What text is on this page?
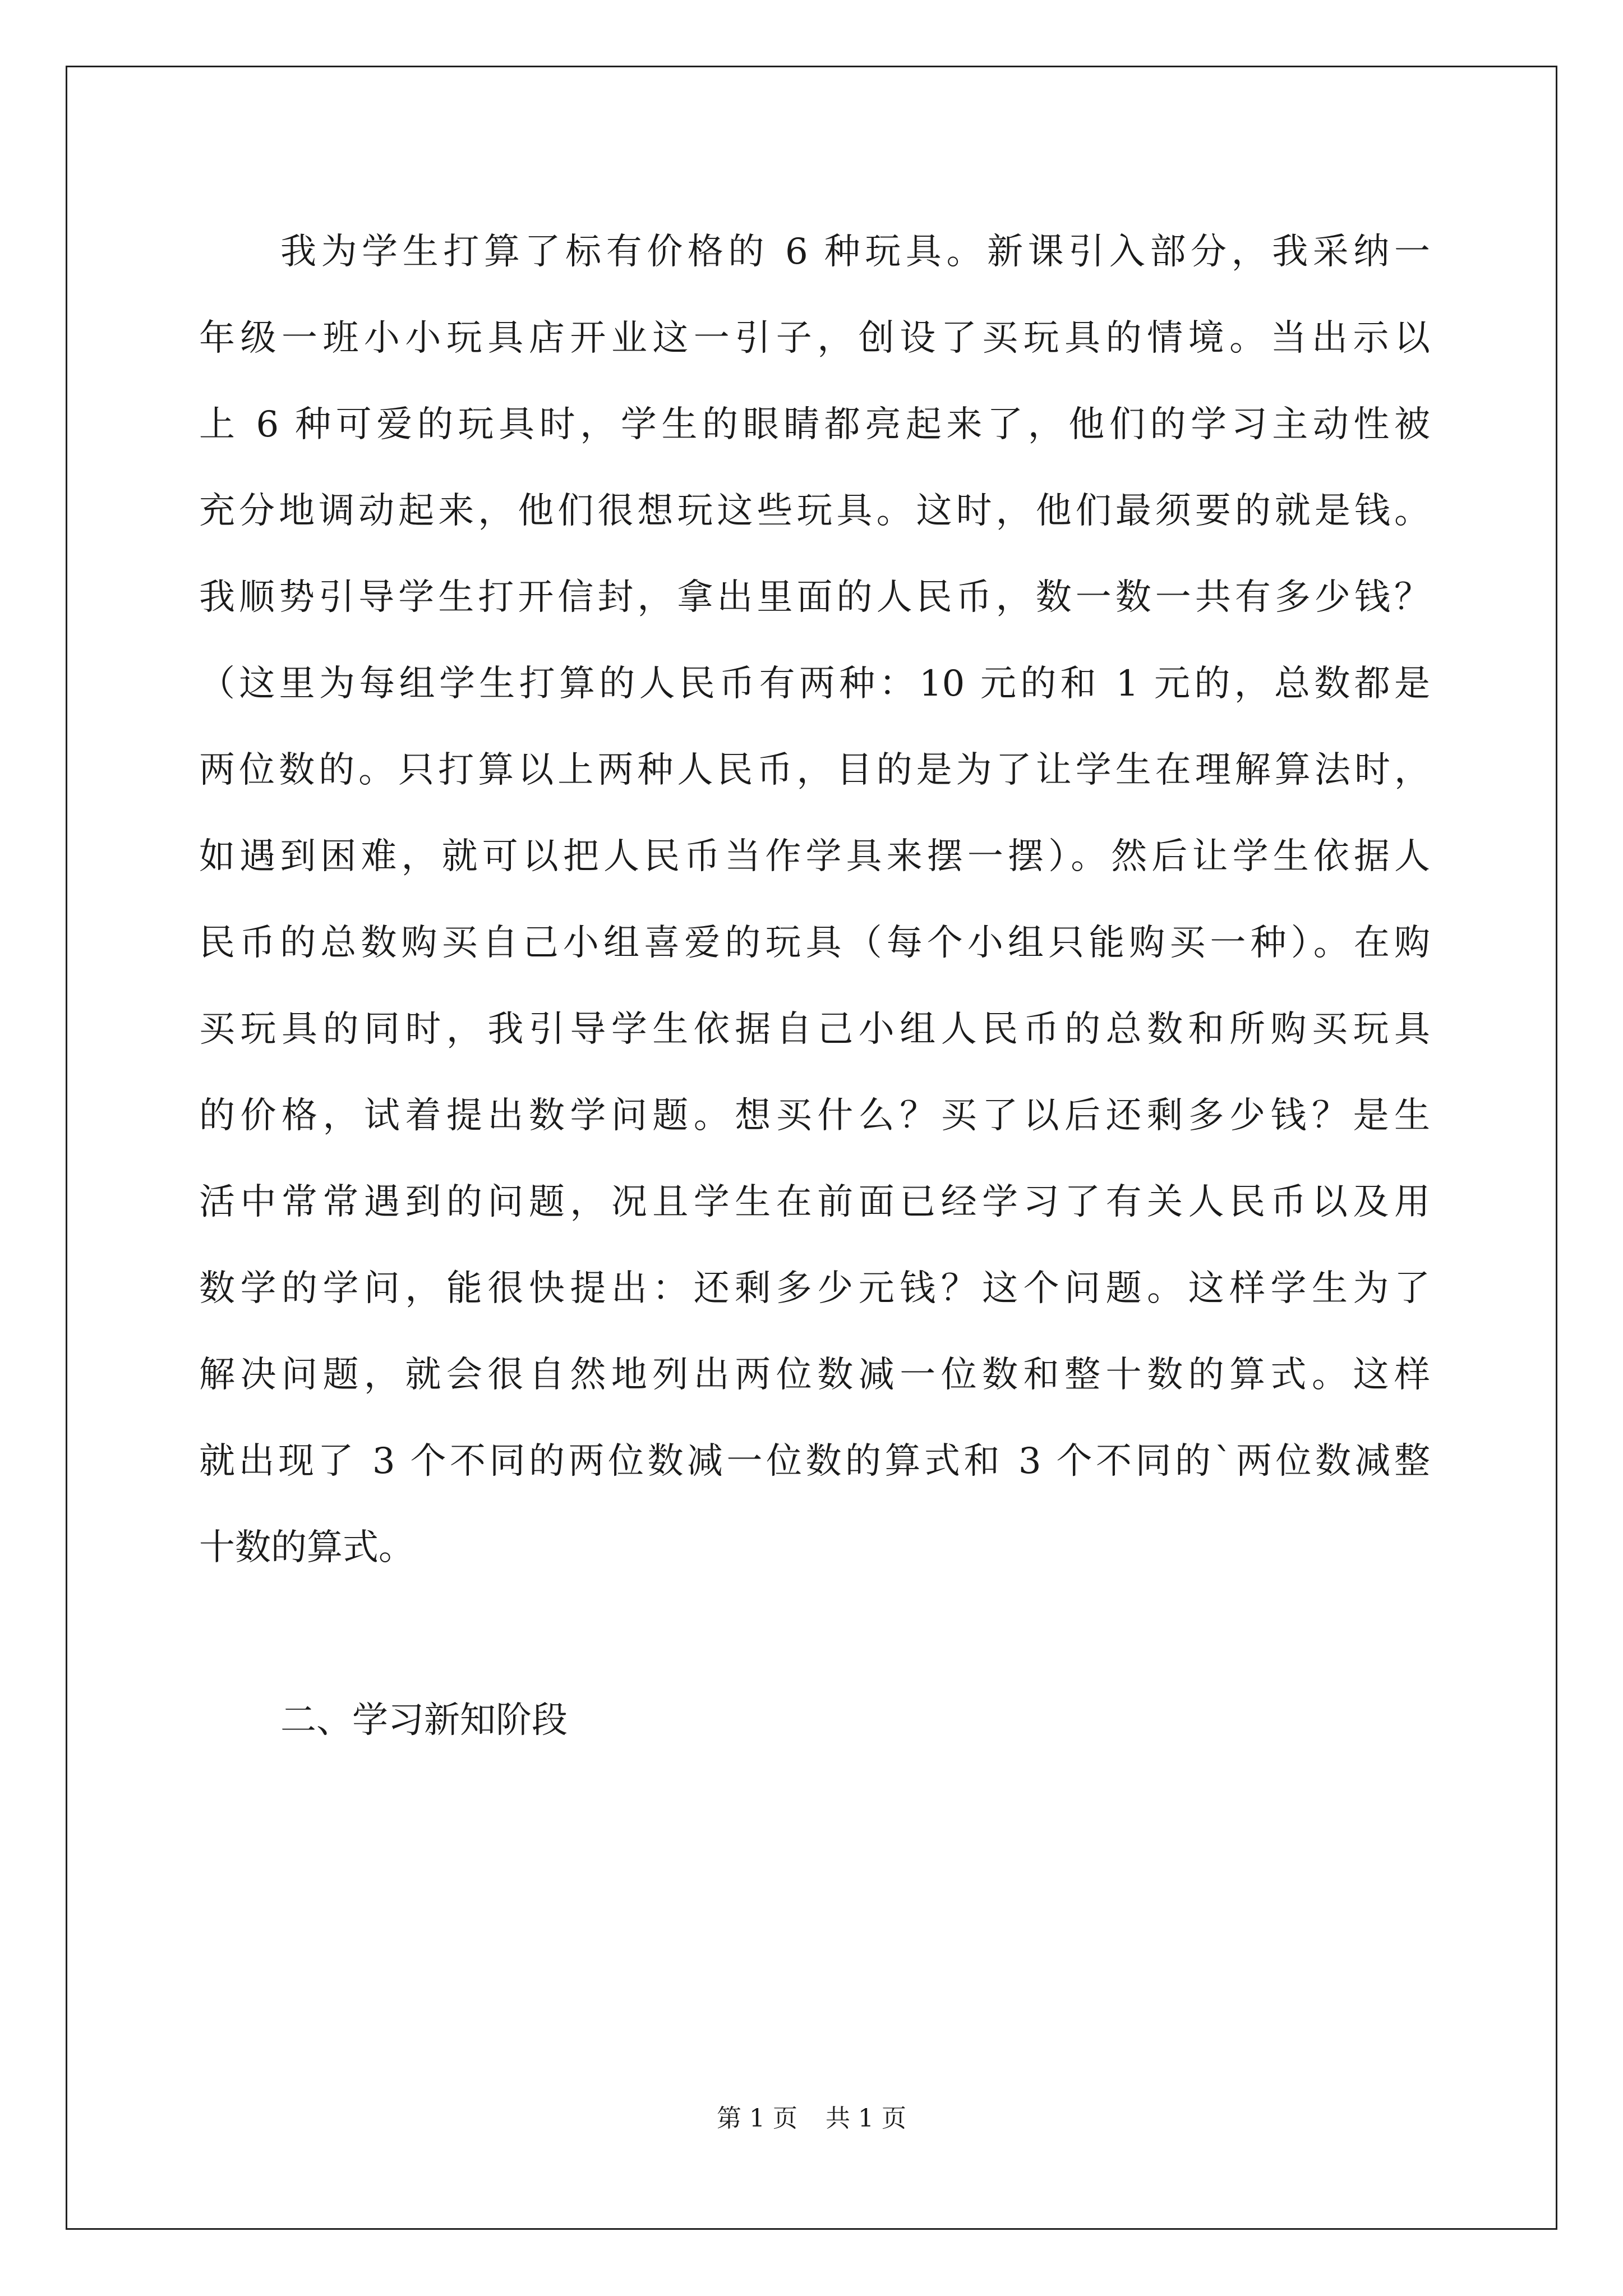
我为学生打算了标有价格的 6 种玩具。新课引入部分，我采纳一
年级一班小小玩具店开业这一引子，创设了买玩具的情境。当出示以
上 6 种可爱的玩具时，学生的眼睛都亮起来了，他们的学习主动性被
充分地调动起来，他们很想玩这些玩具。这时，他们最须要的就是钱。
我顺势引导学生打开信封，拿出里面的人民币，数一数一共有多少钱？
（这里为每组学生打算的人民币有两种：10 元的和 1 元的，总数都是
两位数的。只打算以上两种人民币，目的是为了让学生在理解算法时，
如遇到困难，就可以把人民币当作学具来摆一摆）。然后让学生依据人
民币的总数购买自己小组喜爱的玩具（每个小组只能购买一种）。在购
买玩具的同时，我引导学生依据自己小组人民币的总数和所购买玩具
的价格，试着提出数学问题。想买什么？买了以后还剩多少钱？是生
活中常常遇到的问题，况且学生在前面已经学习了有关人民币以及用
数学的学问，能很快提出：还剩多少元钱？这个问题。这样学生为了
解决问题，就会很自然地列出两位数减一位数和整十数的算式。这样
就出现了 3 个不同的两位数减一位数的算式和 3 个不同的`两位数减整
十数的算式。
二、学习新知阶段
第 1 页 共 1 页
